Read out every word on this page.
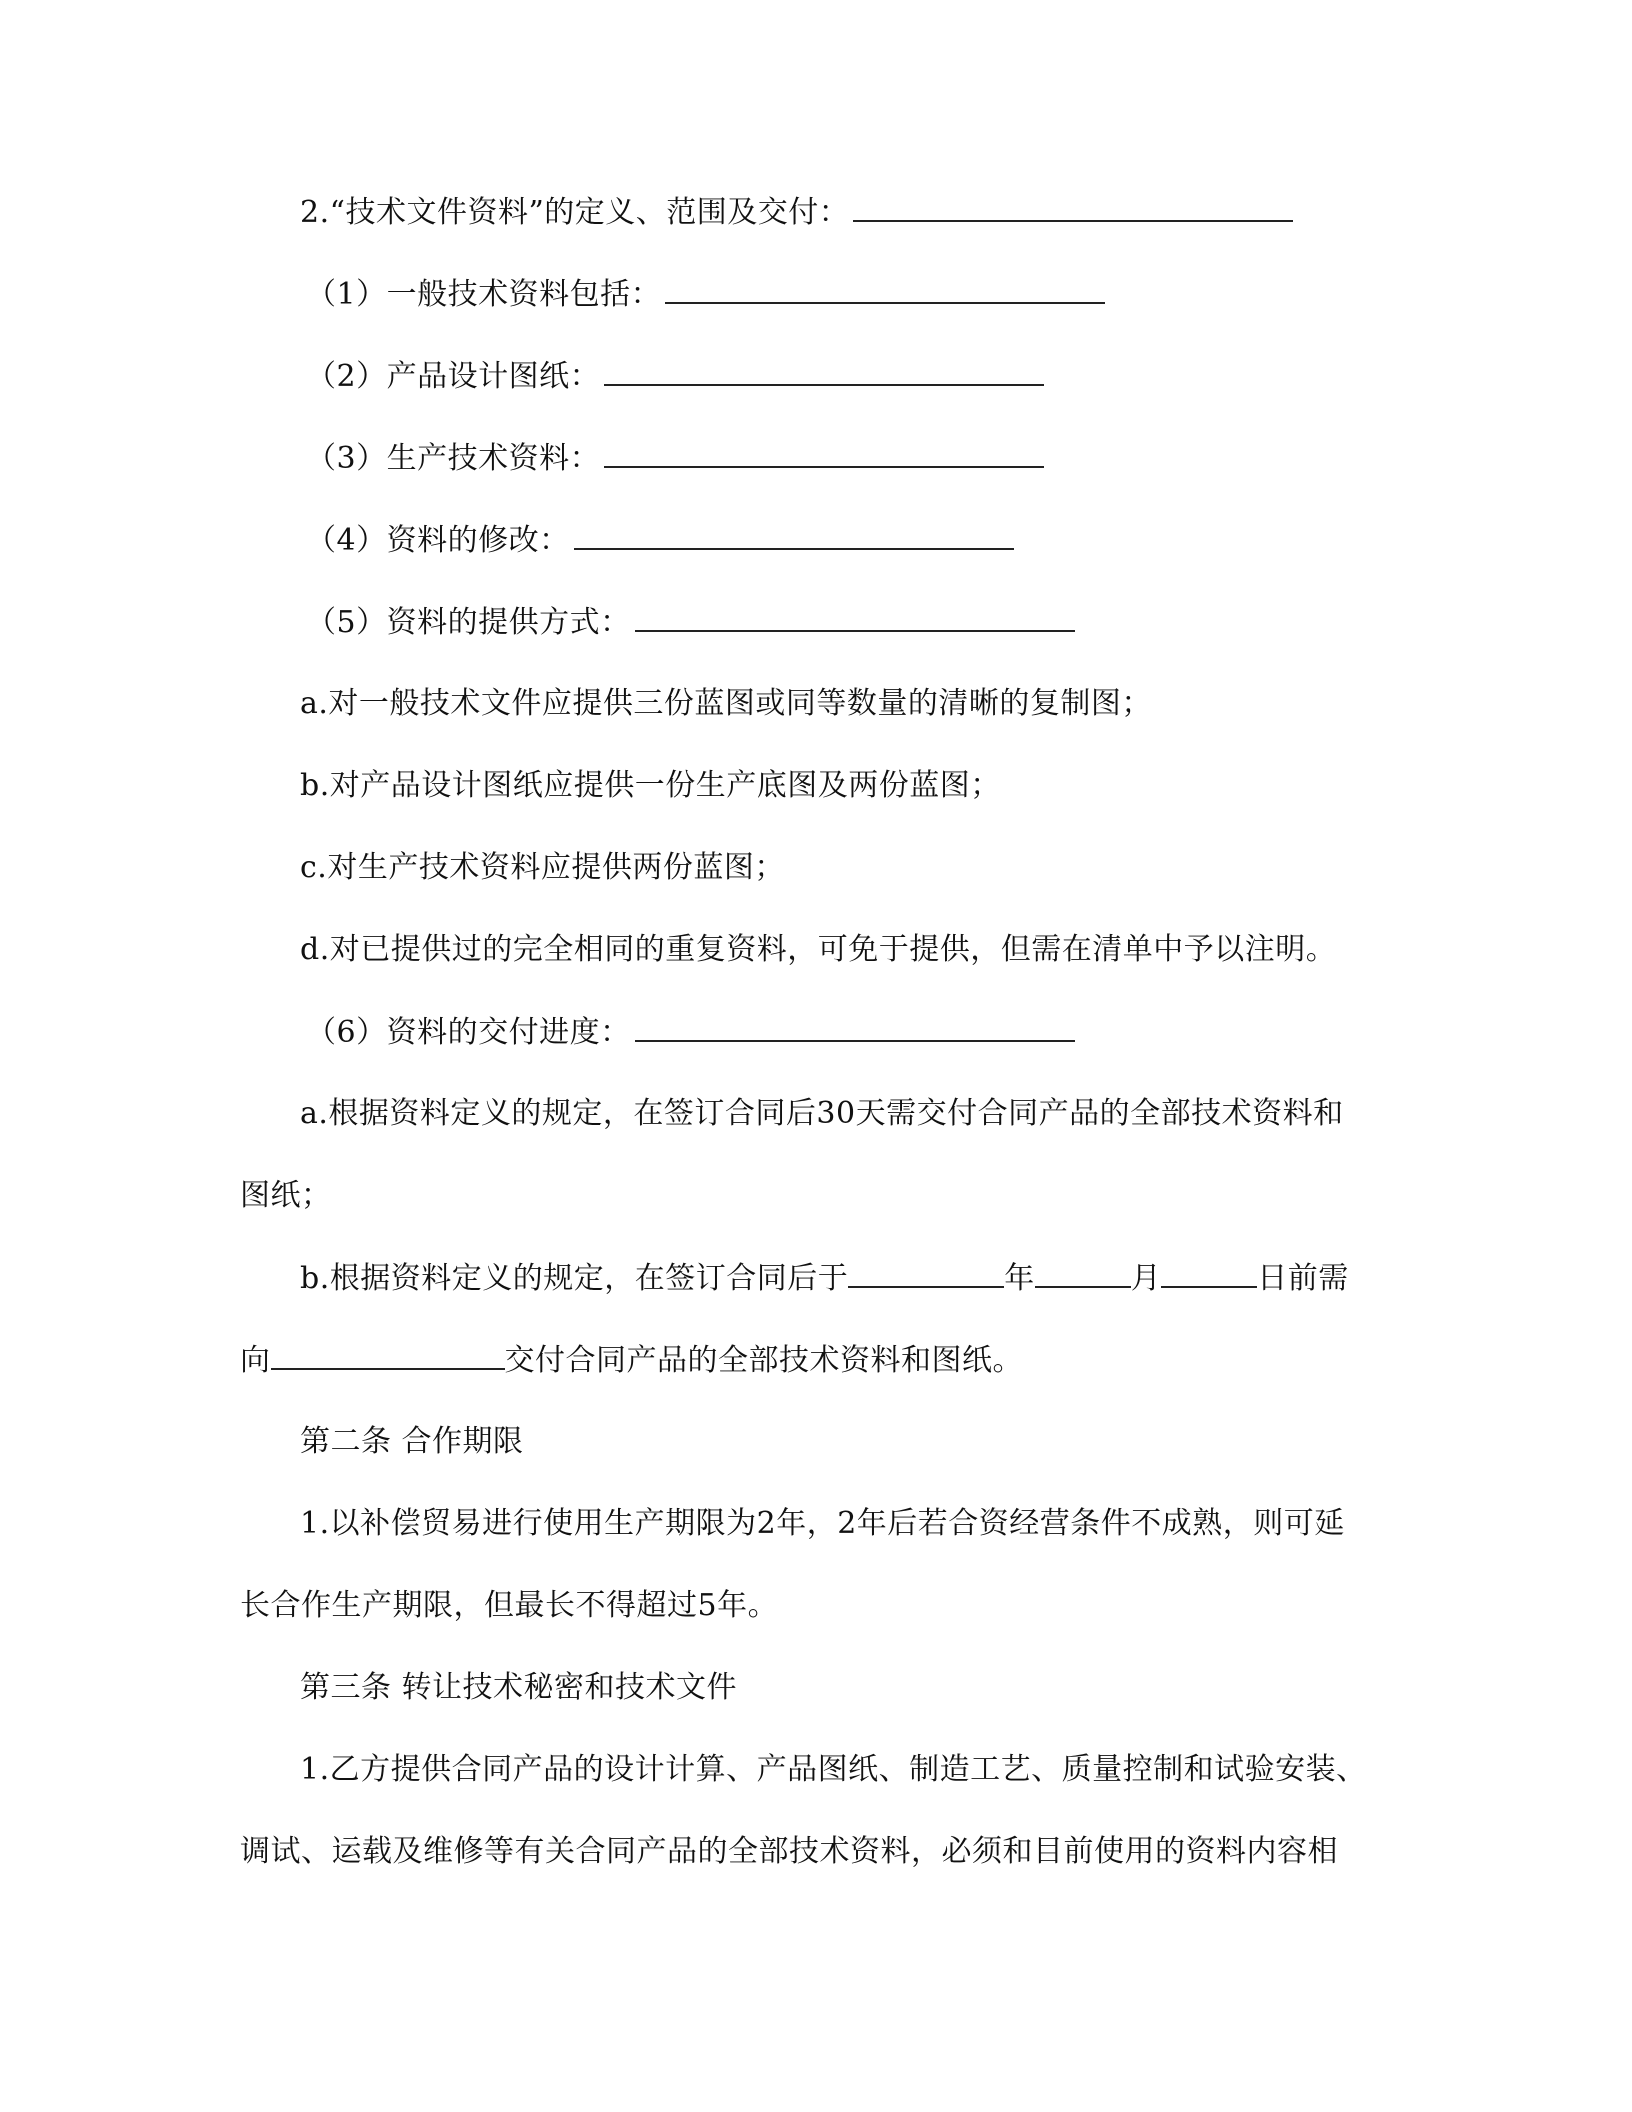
2.“技术文件资料”的定义、范围及交付：
（1）一般技术资料包括：
（2）产品设计图纸：
（3）生产技术资料：
（4）资料的修改：
（5）资料的提供方式：
a.对一般技术文件应提供三份蓝图或同等数量的清晰的复制图；
b.对产品设计图纸应提供一份生产底图及两份蓝图；
c.对生产技术资料应提供两份蓝图；
d.对已提供过的完全相同的重复资料，可免于提供，但需在清单中予以注明。
（6）资料的交付进度：
a.根据资料定义的规定，在签订合同后30天需交付合同产品的全部技术资料和
图纸；
b.根据资料定义的规定，在签订合同后于	年	月	日前需
向	交付合同产品的全部技术资料和图纸。
第二条 合作期限
1.以补偿贸易进行使用生产期限为2年，2年后若合资经营条件不成熟，则可延
长合作生产期限，但最长不得超过5年。
第三条 转让技术秘密和技术文件
1.乙方提供合同产品的设计计算、产品图纸、制造工艺、质量控制和试验安装、
调试、运载及维修等有关合同产品的全部技术资料，必须和目前使用的资料内容相
